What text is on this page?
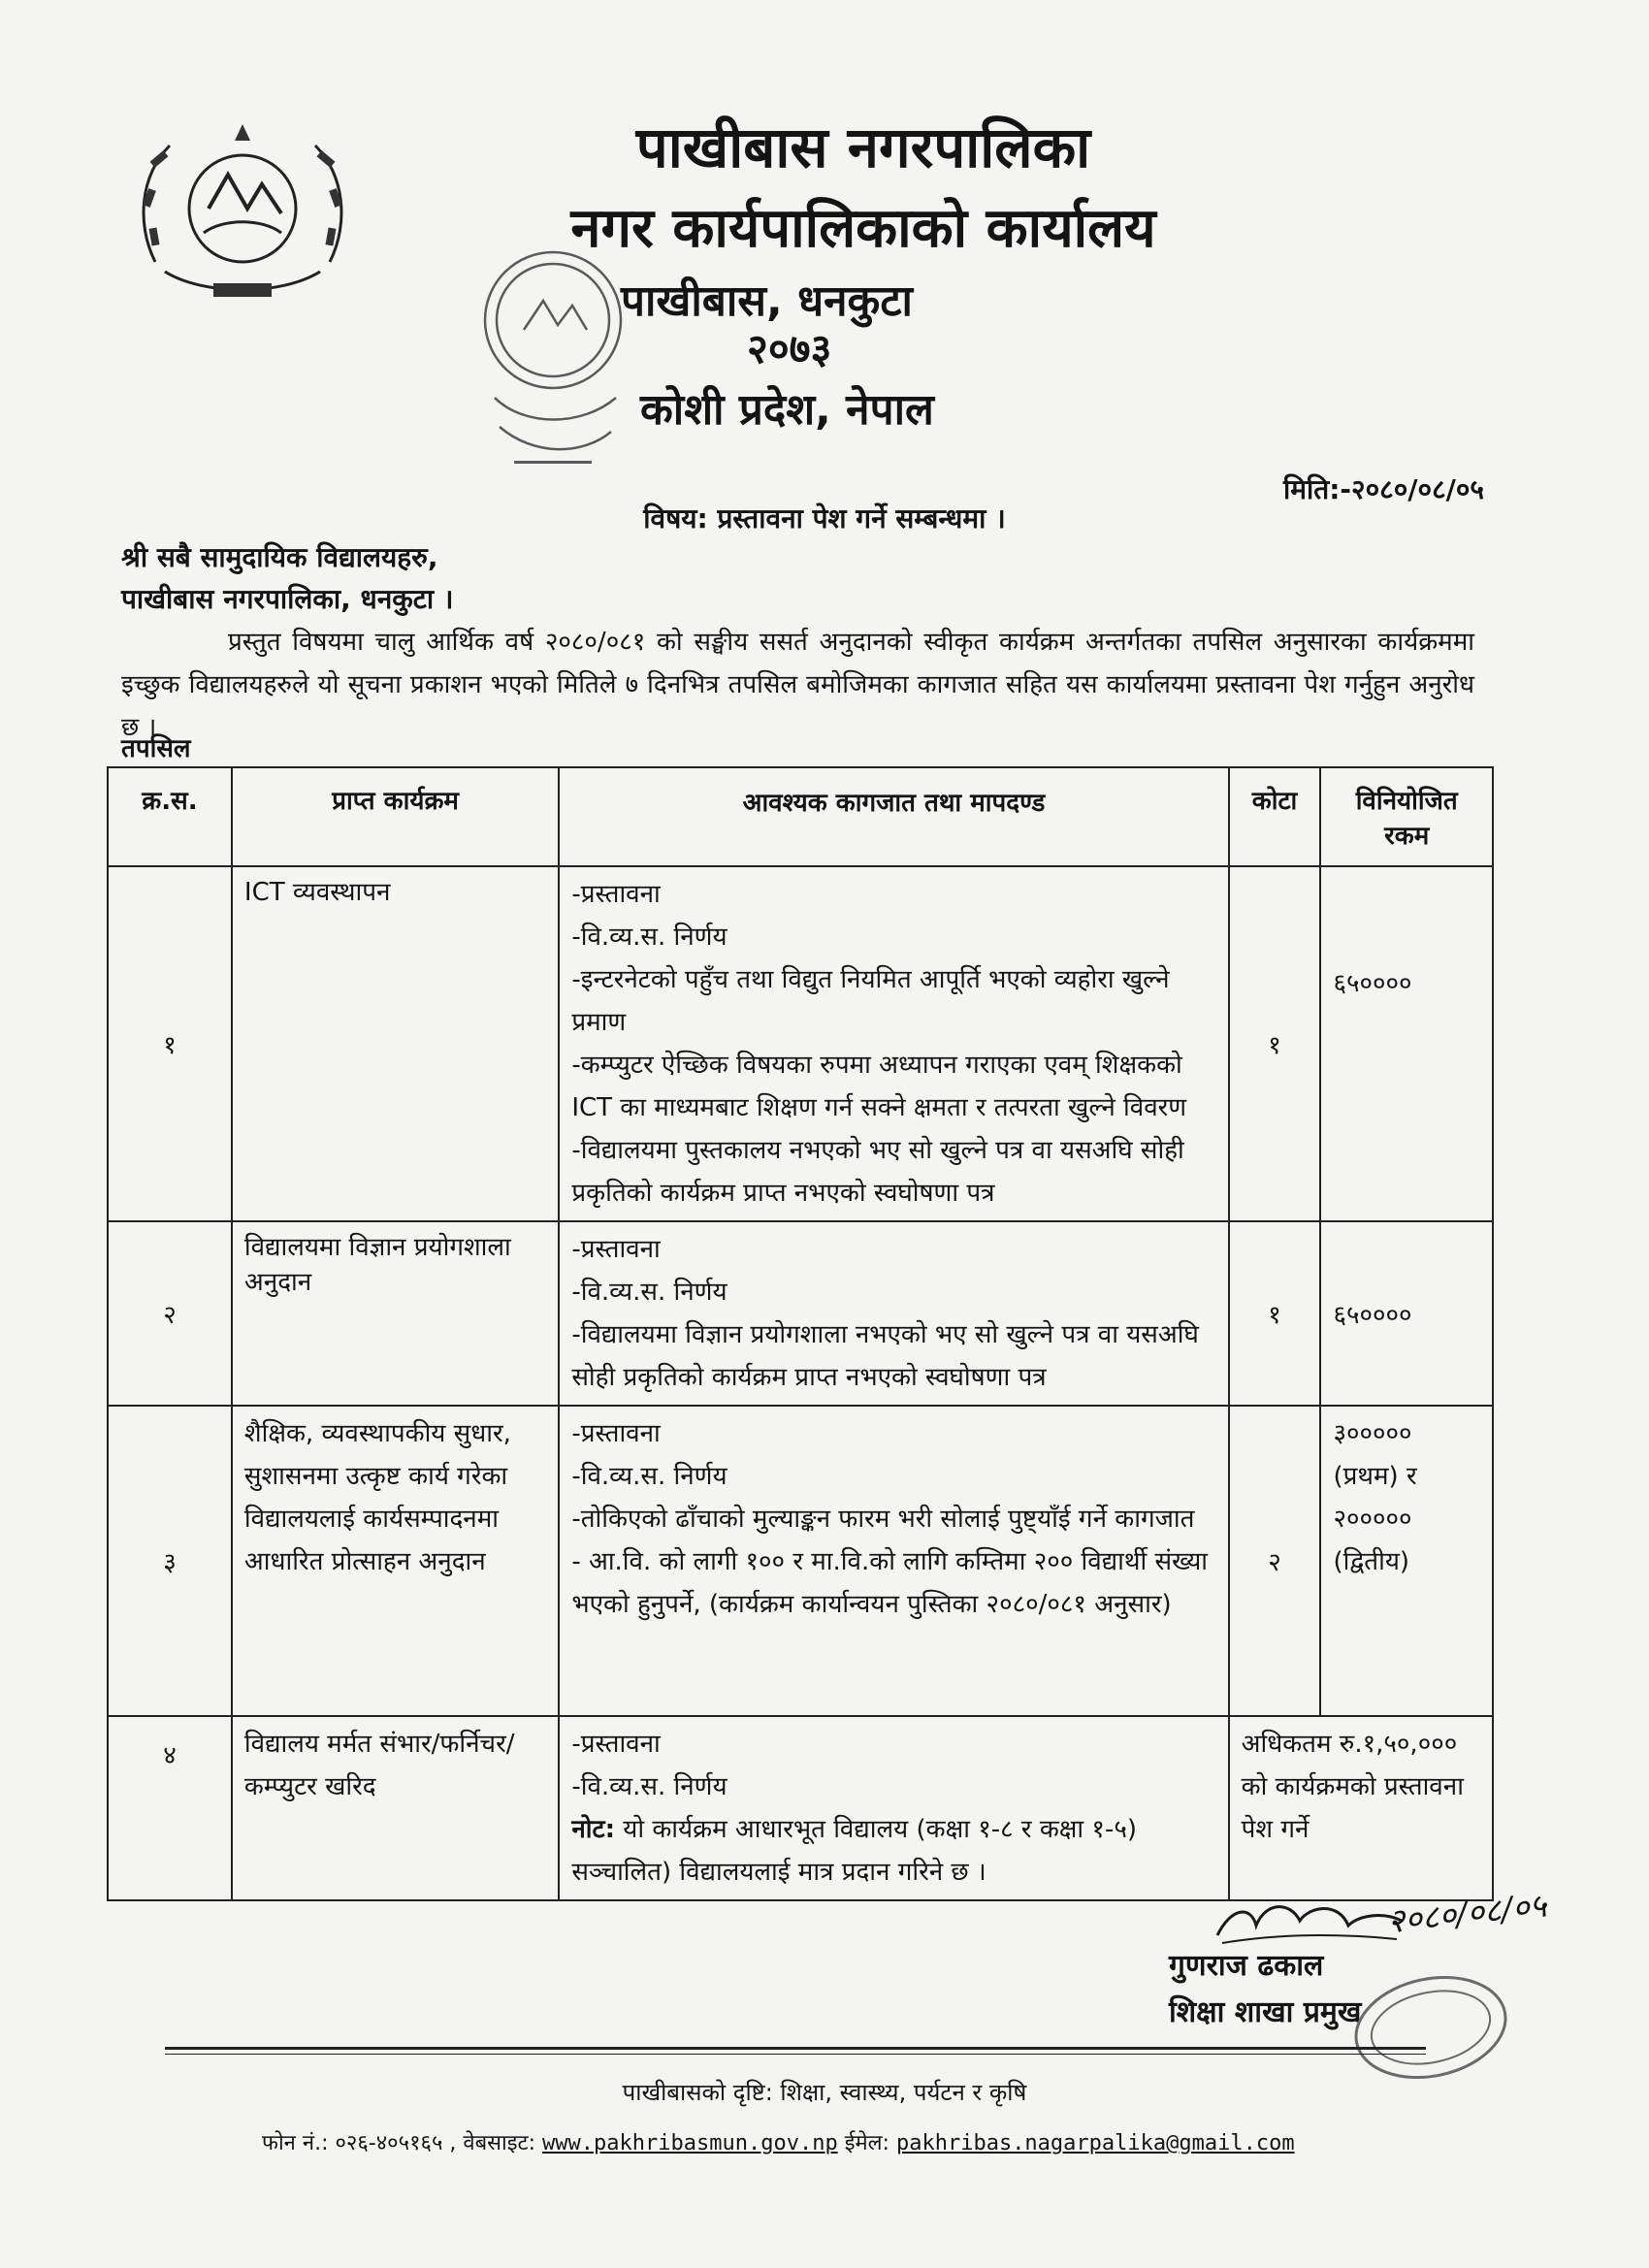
पाखीबास नगरपालिका
नगर कार्यपालिकाको कार्यालय
पाखीबास, धनकुटा
२०७३
कोशी प्रदेश, नेपाल
मिति:-२०८०/०८/०५
विषय: प्रस्तावना पेश गर्ने सम्बन्धमा ।
श्री सबै सामुदायिक विद्यालयहरु,
पाखीबास नगरपालिका, धनकुटा ।
प्रस्तुत विषयमा चालु आर्थिक वर्ष २०८०/०८१ को सङ्घीय ससर्त अनुदानको स्वीकृत कार्यक्रम अन्तर्गतका तपसिल अनुसारका कार्यक्रममा इच्छुक विद्यालयहरुले यो सूचना प्रकाशन भएको मितिले ७ दिनभित्र तपसिल बमोजिमका कागजात सहित यस कार्यालयमा प्रस्तावना पेश गर्नुहुन अनुरोध छ ।
तपसिल
क्र.स.	प्राप्त कार्यक्रम	आवश्यक कागजात तथा मापदण्ड	कोटा	विनियोजित रकम
१	ICT व्यवस्थापन	-प्रस्तावना
-वि.व्य.स. निर्णय
-इन्टरनेटको पहुँच तथा विद्युत नियमित आपूर्ति भएको व्यहोरा खुल्ने प्रमाण
-कम्प्युटर ऐच्छिक विषयका रुपमा अध्यापन गराएका एवम् शिक्षकको ICT का माध्यमबाट शिक्षण गर्न सक्ने क्षमता र तत्परता खुल्ने विवरण
-विद्यालयमा पुस्तकालय नभएको भए सो खुल्ने पत्र वा यसअघि सोही प्रकृतिको कार्यक्रम प्राप्त नभएको स्वघोषणा पत्र	१	६५००००
२	विद्यालयमा विज्ञान प्रयोगशाला अनुदान	-प्रस्तावना
-वि.व्य.स. निर्णय
-विद्यालयमा विज्ञान प्रयोगशाला नभएको भए सो खुल्ने पत्र वा यसअघि सोही प्रकृतिको कार्यक्रम प्राप्त नभएको स्वघोषणा पत्र	१	६५००००
३	शैक्षिक, व्यवस्थापकीय सुधार, सुशासनमा उत्कृष्ट कार्य गरेका विद्यालयलाई कार्यसम्पादनमा आधारित प्रोत्साहन अनुदान	-प्रस्तावना
-वि.व्य.स. निर्णय
-तोकिएको ढाँचाको मुल्याङ्कन फारम भरी सोलाई पुष्ट्याँई गर्ने कागजात
- आ.वि. को लागी १०० र मा.वि.को लागि कम्तिमा २०० विद्यार्थी संख्या भएको हुनुपर्ने, (कार्यक्रम कार्यान्वयन पुस्तिका २०८०/०८१ अनुसार)	२	३००००० (प्रथम) र २००००० (द्वितीय)
४	विद्यालय मर्मत संभार/फर्निचर/कम्प्युटर खरिद	-प्रस्तावना
-वि.व्य.स. निर्णय
नोट: यो कार्यक्रम आधारभूत विद्यालय (कक्षा १-८ र कक्षा १-५) सञ्चालित) विद्यालयलाई मात्र प्रदान गरिने छ ।	अधिकतम रु.१,५०,००० को कार्यक्रमको प्रस्तावना पेश गर्ने	
२०८०/०८/०५
गुणराज ढकाल
शिक्षा शाखा प्रमुख
पाखीबासको दृष्टि: शिक्षा, स्वास्थ्य, पर्यटन र कृषि
फोन नं.: ०२६-४०५१६५ , वेबसाइट: www.pakhribasmun.gov.np ईमेल: pakhribas.nagarpalika@gmail.com
